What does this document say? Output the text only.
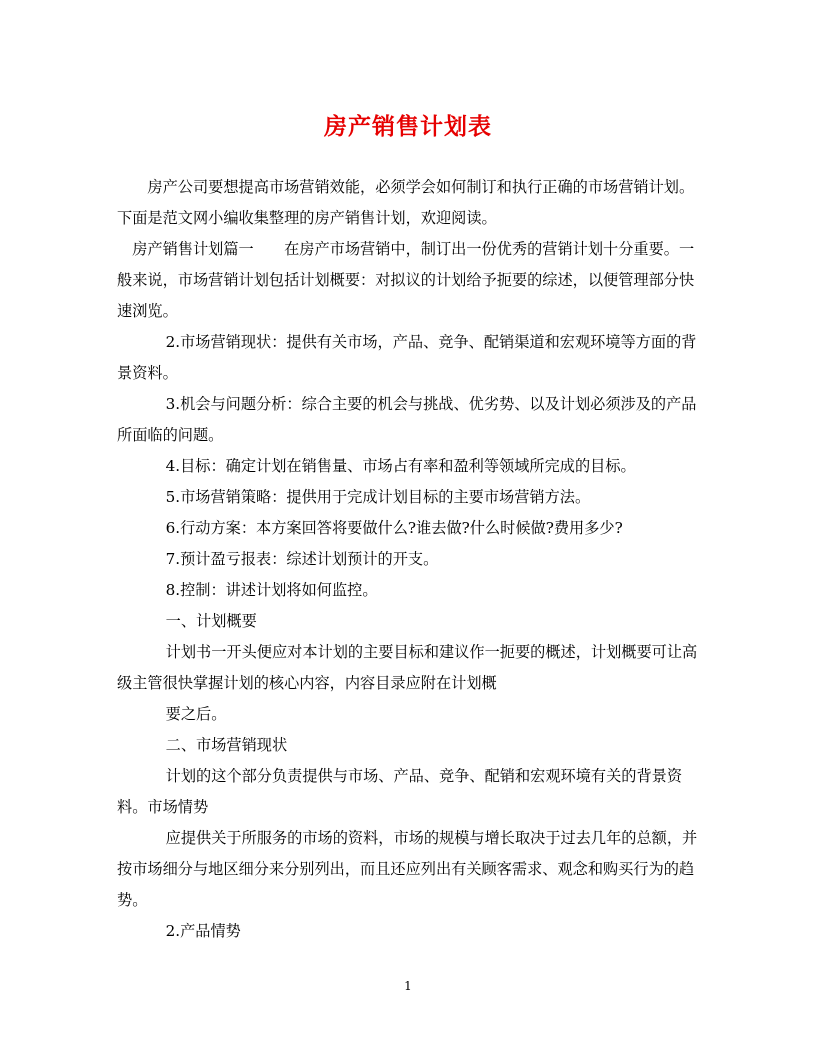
房产销售计划表

房产公司要想提高市场营销效能，必须学会如何制订和执行正确的市场营销计划。下面是范文网小编收集整理的房产销售计划，欢迎阅读。

房产销售计划篇一　　在房产市场营销中，制订出一份优秀的营销计划十分重要。一般来说，市场营销计划包括计划概要：对拟议的计划给予扼要的综述，以便管理部分快速浏览。

2.市场营销现状：提供有关市场，产品、竞争、配销渠道和宏观环境等方面的背景资料。

3.机会与问题分析：综合主要的机会与挑战、优劣势、以及计划必须涉及的产品所面临的问题。

4.目标：确定计划在销售量、市场占有率和盈利等领域所完成的目标。

5.市场营销策略：提供用于完成计划目标的主要市场营销方法。

6.行动方案：本方案回答将要做什么?谁去做?什么时候做?费用多少?

7.预计盈亏报表：综述计划预计的开支。

8.控制：讲述计划将如何监控。

一、计划概要

计划书一开头便应对本计划的主要目标和建议作一扼要的概述，计划概要可让高级主管很快掌握计划的核心内容，内容目录应附在计划概

要之后。

二、市场营销现状

计划的这个部分负责提供与市场、产品、竞争、配销和宏观环境有关的背景资料。市场情势

应提供关于所服务的市场的资料，市场的规模与增长取决于过去几年的总额，并按市场细分与地区细分来分别列出，而且还应列出有关顾客需求、观念和购买行为的趋势。

2.产品情势

1
